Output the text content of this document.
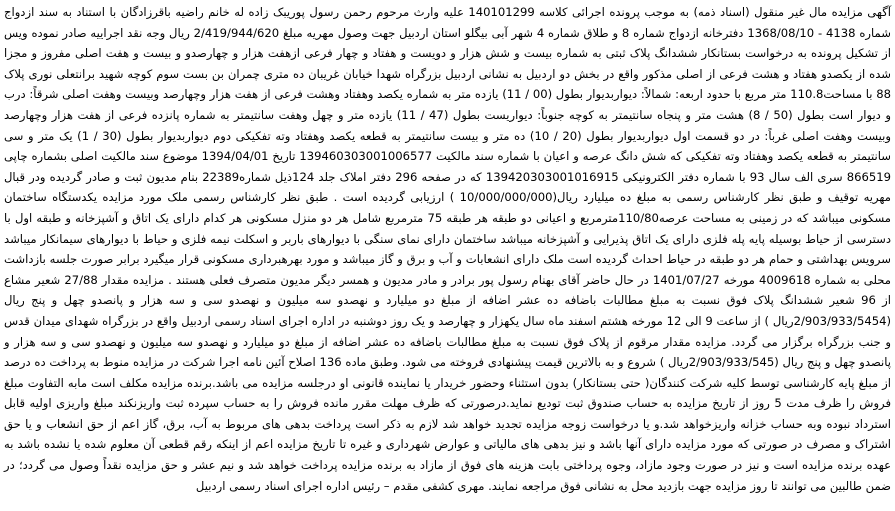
آگهی مزایده مال غیر منقول (اسناد ذمه) به موجب پرونده اجرائی کلاسه 140101299 علیه وارث مرحوم رحمن رسول پوریبک زاده له خانم راضیه باقرزادگان با استناد به سند ازدواج شماره 4138 - 1368/08/10 دفترخانه ازدواج شماره 8 و طلاق شماره 4 شهر آبی بیگلو استان اردبیل جهت وصول مهریه مبلغ 2/419/944/620 ریال وجه نقد اجراییه صادر نموده ویس از تشکیل پرونده به درخواست بستانکار ششدانگ پلاک ثبتی به شماره بیست و شش هزار و دویست و هفتاد و چهار فرعی ازهفت هزار و چهارصدو و بیست و هفت اصلی مفروز و مجزا شده از یکصدو هفتاد و هشت فرعی از اصلی مذکور واقع در بخش دو اردبیل به نشانی اردبیل بزرگراه شهدا خیابان غریبان ده متری چمران بن بست سوم کوچه شهید برانتعلی نوری پلاک 88 با مساحت110.8 متر مربع با حدود اربعه: شمالاً: دیواربدیوار بطول (00 / 11) یازده متر به شماره یکصد وهفتاد وهشت فرعی از هفت هزار وچهارصد وبیست وهفت اصلی شرقاً: درب و دیوار است بطول (50 / 8) هشت متر و پنجاه سانتیمتر به کوچه جنوباً: دیواریست بطول (47 / 11) یازده متر و چهل وهفت سانتیمتر به شماره پانزده فرعی از هفت هزار وچهارصد وبیست وهفت اصلی غرباً: در دو قسمت اول دیواربدیوار بطول (20 / 10) ده متر و بیست سانتیمتر به قطعه یکصد وهفتاد وته تفکیکی دوم دیواربدیوار بطول (30 / 1) یک متر و سی سانتیمتر به قطعه یکصد وهفتاد وته تفکیکی که شش دانگ عرصه و اعیان با شماره سند مالکیت 139460303001006577 تاریخ 1394/04/01 موضوع سند مالکیت اصلی بشماره چاپی 866519 سری الف سال 93 با شماره دفتر الکترونیکی 139420303001016915 که در صفحه 296 دفتر املاک جلد 124ذیل شماره22389 بنام مدیون ثبت و صادر گردیده ودر قبال مهریه توقیف و طبق نظر کارشناس رسمی به مبلغ ده میلیارد ریال(10/000/000/000 ) ارزیابی گردیده است . طبق نظر کارشناس رسمی ملک مورد مزایده یکدستگاه ساختمان مسکونی میباشد که در زمینی به مساحت عرصه110/80مترمربع و اعیانی دو طبقه هر طبقه 75 مترمربع شامل هر دو منزل مسکونی هر کدام دارای یک اتاق و آشپزخانه و طبقه اول با دسترسی از حیاط بوسیله پایه پله فلزی دارای یک اتاق پذیرایی و آشپزخانه میباشد ساختمان دارای نمای سنگی با دیوارهای باربر و اسکلت نیمه فلزی و حیاط با دیوارهای سیمانکار میباشد سرویس بهداشتی و حمام هر دو طبقه در حیاط احداث گردیده است ملک دارای انشعابات و آب و برق و گاز میباشد و مورد بهرهبرداری مسکونی قرار میگیرد برابر صورت جلسه بازداشت محلی به شماره 4009618 مورخه 1401/07/27 در حال حاضر آقای بهنام رسول پور برادر و مادر مدیون و همسر دیگر مدیون متصرف فعلی هستند . مزایده مقدار 27/88 شعیر مشاع از 96 شعیر ششدانگ پلاک فوق نسبت به مبلغ مطالبات باضافه ده عشر اضافه از مبلغ دو میلیارد و نهصدو سه میلیون و نهصدو سی و سه هزار و پانصدو چهل و پنج ریال (2/903/933/5454ریال ) از ساعت 9 الی 12 مورخه هشتم اسفند ماه سال یکهزار و چهارصد و یک روز دوشنبه در اداره اجرای اسناد رسمی اردبیل واقع در بزرگراه شهدای میدان قدس و جنب بزرگراه برگزار می گردد. مزایده مقدار مرقوم از پلاک فوق نسبت به مبلغ مطالبات باضافه ده عشر اضافه از مبلغ دو میلیارد و نهصدو سه میلیون و نهصدو سی و سه هزار و پانصدو چهل و پنج ریال (2/903/933/545ریال ) شروع و به بالاترین قیمت پیشنهادی فروخته می شود. وطبق ماده 136 اصلاح آئین نامه اجرا شرکت در مزایده منوط به پرداخت ده درصد از مبلغ پایه کارشناسی توسط کلیه شرکت کنندگان( حتی بستانکار) بدون استثناء وحضور خریدار یا نماینده قانونی او درجلسه مزایده می باشد.برنده مزایده مکلف است مابه التفاوت مبلغ فروش را ظرف مدت 5 روز از تاریخ مزایده به حساب صندوق ثبت تودیع نماید.درصورتی که ظرف مهلت مقرر مانده فروش را به حساب سپرده ثبت واریزنکند مبلغ واریزی اولیه قابل استرداد نبوده وبه حساب خزانه واریزخواهد شد.و یا درخواست زوجه مزایده تجدید خواهد شد لازم به ذکر است پرداخت بدهی های مربوط به آب، برق، گاز اعم از حق انشعاب و یا حق اشتراک و مصرف در صورتی که مورد مزایده دارای آنها باشد و نیز بدهی های مالیاتی و عوارض شهرداری و غیره تا تاریخ مزایده اعم از اینکه رقم قطعی آن معلوم شده یا نشده باشد به عهده برنده مزایده است و نیز در صورت وجود مازاد، وجوه پرداختی بابت هزینه های فوق از مازاد به برنده مزایده پرداخت خواهد شد و نیم عشر و حق مزایده نقداً وصول می گردد؛ در ضمن طالبین می توانند تا روز مزایده جهت بازدید محل به نشانی فوق مراجعه نمایند. مهری کشفی مقدم – رئیس اداره اجرای اسناد رسمی اردبیل
